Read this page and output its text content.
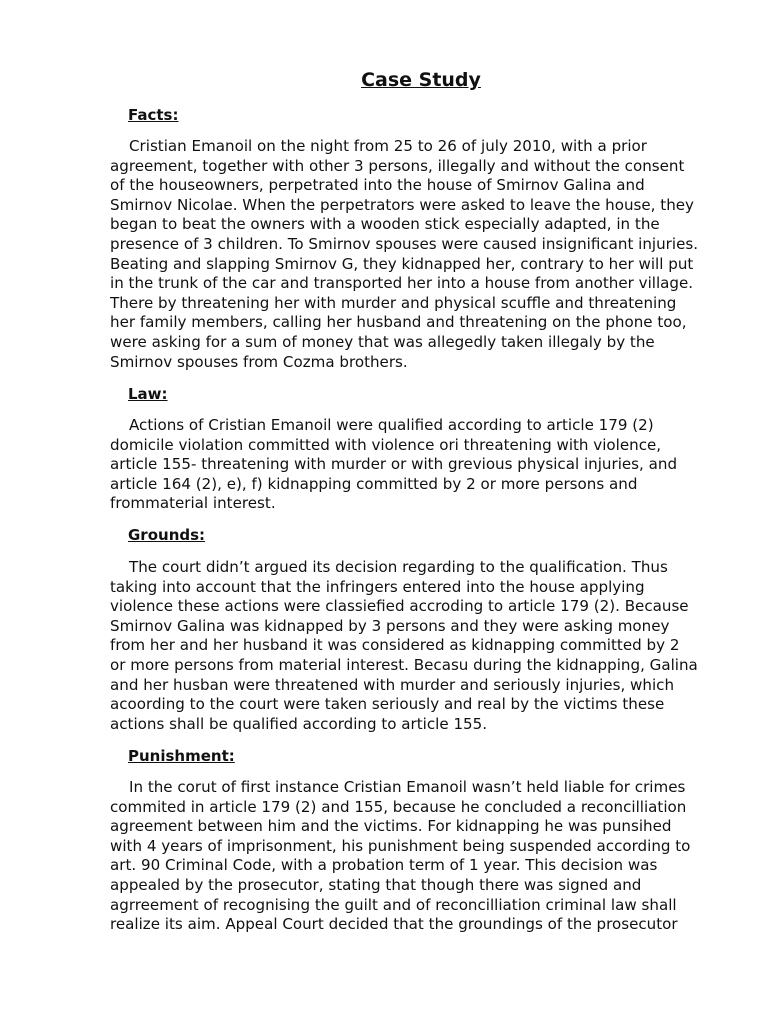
Case Study
Facts:
Cristian Emanoil on the night from 25 to 26 of july 2010, with a prior
agreement, together with other 3 persons, illegally and without the consent
of the houseowners, perpetrated into the house of Smirnov Galina and
Smirnov Nicolae. When the perpetrators were asked to leave the house, they
began to beat the owners with a wooden stick especially adapted, in the
presence of 3 children. To Smirnov spouses were caused insignificant injuries.
Beating and slapping Smirnov G, they kidnapped her, contrary to her will put
in the trunk of the car and transported her into a house from another village.
There by threatening her with murder and physical scuffle and threatening
her family members, calling her husband and threatening on the phone too,
were asking for a sum of money that was allegedly taken illegaly by the
Smirnov spouses from Cozma brothers.
Law:
Actions of Cristian Emanoil were qualified according to article 179 (2)
domicile violation committed with violence ori threatening with violence,
article 155- threatening with murder or with grevious physical injuries, and
article 164 (2), e), f) kidnapping committed by 2 or more persons and
frommaterial interest.
Grounds:
The court didn’t argued its decision regarding to the qualification. Thus
taking into account that the infringers entered into the house applying
violence these actions were classiefied accroding to article 179 (2). Because
Smirnov Galina was kidnapped by 3 persons and they were asking money
from her and her husband it was considered as kidnapping committed by 2
or more persons from material interest. Becasu during the kidnapping, Galina
and her husban were threatened with murder and seriously injuries, which
acoording to the court were taken seriously and real by the victims these
actions shall be qualified according to article 155.
Punishment:
In the corut of first instance Cristian Emanoil wasn’t held liable for crimes
commited in article 179 (2) and 155, because he concluded a reconcilliation
agreement between him and the victims. For kidnapping he was punsihed
with 4 years of imprisonment, his punishment being suspended according to
art. 90 Criminal Code, with a probation term of 1 year. This decision was
appealed by the prosecutor, stating that though there was signed and
agrreement of recognising the guilt and of reconcilliation criminal law shall
realize its aim. Appeal Court decided that the groundings of the prosecutor
